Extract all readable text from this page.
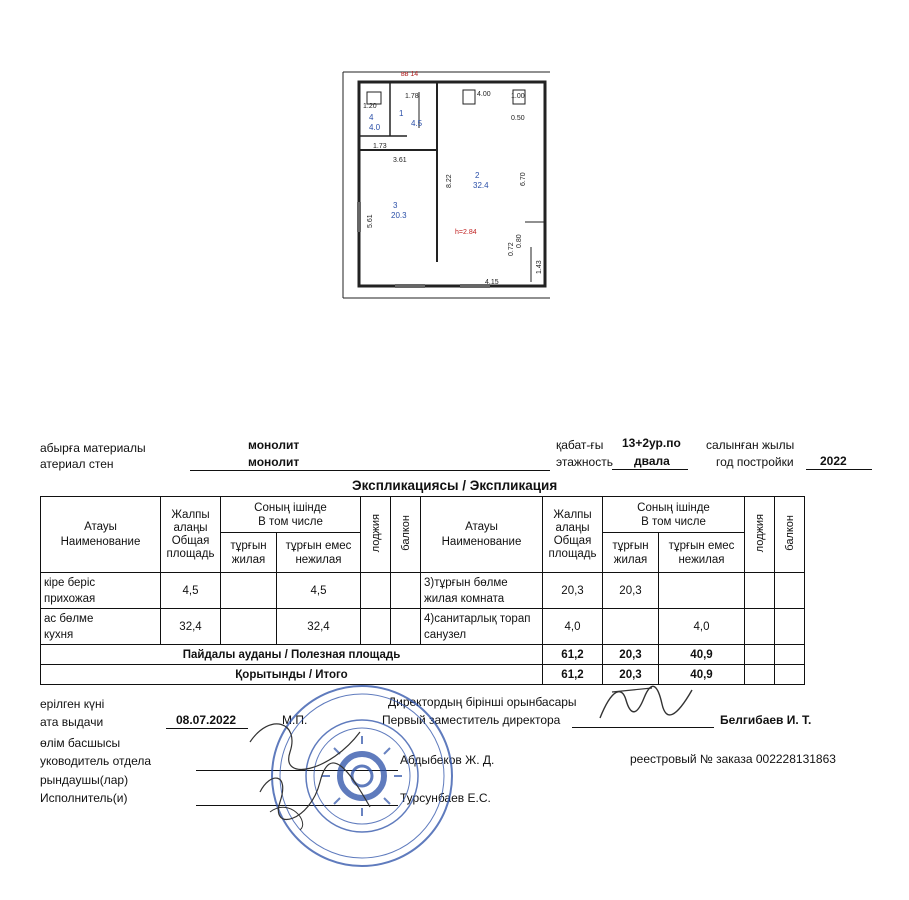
вв 14
1.20
1.78	4.00	1.00
0.50
1.73
3.61
8.22	6.70
5.61
0.80
0.72
1.43
4.15
h=2.84
4
4.0
1
4.5
2
32.4
3
20.3
абырға материалы
атериал стен
монолит
монолит
қабат-ғы
этажность
13+2ур.по
двала
салынған жылы
год постройки 2022
Экспликациясы / Экспликация
Атауы
Наименование	Жалпы
алаңы
Общая
площадь	Соның ішінде
В том числе		лоджия	балкон	Атауы
Наименование	Жалпы
алаңы
Общая
площадь	Соның ішінде
В том числе		лоджия	балкон
		тұрғын
жилая	тұрғын емес
нежилая					тұрғын
жилая	тұрғын емес
нежилая		
кіре беріс
прихожая	4,5		4,5			3)тұрғын бөлме
жилая комната	20,3	20,3			
ас бөлме
кухня	32,4		32,4			4)санитарлық торап
санузел	4,0		4,0		
Пайдалы ауданы / Полезная площадь							61,2	20,3	40,9		
Қорытынды / Итого							61,2	20,3	40,9		
ерілген күні
ата выдачи	08.07.2022	М.П.
Директордың бірінші орынбасары
Первый заместитель директора	Белгибаев И. Т.
өлім басшысы
уководитель отдела	Абдыбеков Ж. Д.	реестровый № заказа 002228131863
рындаушы(лар)
Исполнитель(и)	Турсунбаев Е.С.
